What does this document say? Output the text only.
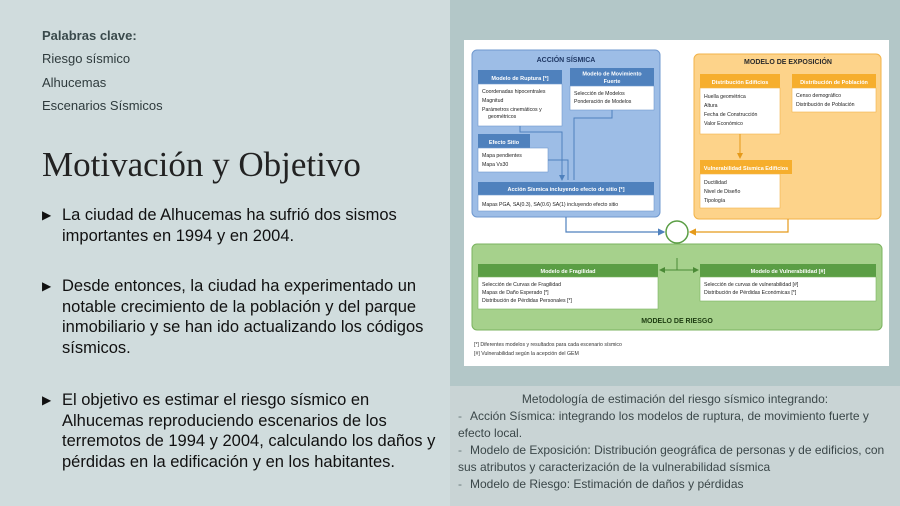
Palabras clave:
Riesgo sísmico
Alhucemas
Escenarios Sísmicos
Motivación y Objetivo
▶ La ciudad de Alhucemas ha sufrió dos sismos importantes en 1994 y en 2004.
▶ Desde entonces, la ciudad ha experimentado un notable crecimiento de la población y del parque inmobiliario y se han ido actualizando los códigos sísmicos.
▶ El objetivo es estimar el riesgo sísmico en Alhucemas reproduciendo escenarios de los terremotos de 1994 y 2004, calculando los daños y pérdidas en la edificación y en los habitantes.
ACCIÓN SÍSMICA
Modelo de Ruptura [*]
Coordenadas hipocentrales
Magnitud
Parámetros cinemáticos y
geométricos
Modelo de Movimiento
Fuerte
Selección de Modelos
Ponderación de Modelos
Efecto Sitio
Mapa pendientes
Mapa Vs30
Acción Sísmica incluyendo efecto de sitio [*]
Mapas PGA, SA(0.3), SA(0.6) SA(1) incluyendo efecto sitio
MODELO DE EXPOSICIÓN
Distribución Edificios
Huella geométrica
Altura
Fecha de Construcción
Valor Económico
Distribución de Población
Censo demográfico
Distribución de Población
Vulnerabilidad Sísmica Edificios
Ductilidad
Nivel de Diseño
Tipología
Modelo de Fragilidad
Selección de Curvas de Fragilidad
Mapas de Daño Esperado [*]
Distribución de Pérdidas Personales [*]
Modelo de Vulnerabilidad [#]
Selección de curvas de vulnerabilidad [#]
Distribución de Pérdidas Económicas [*]
MODELO DE RIESGO
[*] Diferentes modelos y resultados para cada escenario sísmico
[#] Vulnerabilidad según la acepción del GEM
Metodología de estimación del riesgo sísmico integrando:
- Acción Sísmica: integrando los modelos de ruptura, de movimiento fuerte y efecto local.
- Modelo de Exposición: Distribución geográfica de personas y de edificios, con sus atributos y caracterización de la vulnerabilidad sísmica
- Modelo de Riesgo: Estimación de daños y pérdidas
